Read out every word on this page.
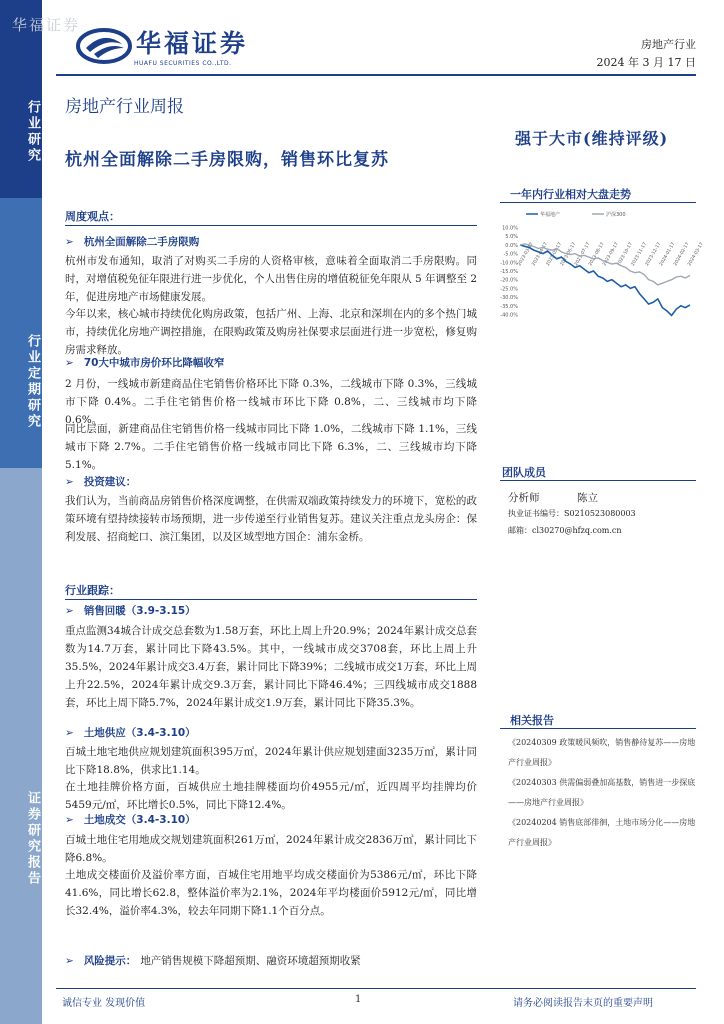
行业研究
行业定期研究
证券研究报告
华福证券
华福证券
HUAFU SECURITIES CO.,LTD.
房地产行业
2024 年 3 月 17 日
房地产行业周报
杭州全面解除二手房限购，销售环比复苏
强于大市(维持评级)
周度观点：
➢ 杭州全面解除二手房限购
杭州市发布通知，取消了对购买二手房的人资格审核，意味着全面取消二手房限购。同时，对增值税免征年限进行进一步优化，个人出售住房的增值税征免年限从 5 年调整至 2 年，促进房地产市场健康发展。
今年以来，核心城市持续优化购房政策，包括广州、上海、北京和深圳在内的多个热门城市，持续优化房地产调控措施，在限购政策及购房社保要求层面进行进一步宽松，修复购房需求释放。
➢ 70大中城市房价环比降幅收窄
2 月份，一线城市新建商品住宅销售价格环比下降 0.3%，二线城市下降 0.3%，三线城市下降 0.4%。二手住宅销售价格一线城市环比下降 0.8%，二、三线城市均下降 0.6%。
同比层面，新建商品住宅销售价格一线城市同比下降 1.0%，二线城市下降 1.1%，三线城市下降 2.7%。二手住宅销售价格一线城市同比下降 6.3%，二、三线城市均下降 5.1%。
➢ 投资建议：
我们认为，当前商品房销售价格深度调整，在供需双端政策持续发力的环境下，宽松的政策环境有望持续接转市场预期，进一步传递至行业销售复苏。建议关注重点龙头房企：保利发展、招商蛇口、滨江集团，以及区域型地方国企：浦东金桥。
行业跟踪：
➢ 销售回暖（3.9-3.15）
重点监测34城合计成交总套数为1.58万套，环比上周上升20.9%；2024年累计成交总套数为14.7万套，累计同比下降43.5%。其中，一线城市成交3708套，环比上周上升35.5%，2024年累计成交3.4万套，累计同比下降39%；二线城市成交1万套，环比上周上升22.5%，2024年累计成交9.3万套，累计同比下降46.4%；三四线城市成交1888套，环比上周下降5.7%，2024年累计成交1.9万套，累计同比下降35.3%。
➢ 土地供应（3.4-3.10）
百城土地宅地供应规划建筑面积395万㎡，2024年累计供应规划建面3235万㎡，累计同比下降18.8%，供求比1.14。
在土地挂牌价格方面，百城供应土地挂牌楼面均价4955元/㎡，近四周平均挂牌均价5459元/㎡，环比增长0.5%，同比下降12.4%。
➢ 土地成交（3.4-3.10）
百城土地住宅用地成交规划建筑面积261万㎡，2024年累计成交2836万㎡，累计同比下降6.8%。
土地成交楼面价及溢价率方面，百城住宅用地平均成交楼面价为5386元/㎡，环比下降41.6%，同比增长62.8，整体溢价率为2.1%，2024年平均楼面价5912元/㎡，同比增长32.4%，溢价率4.3%，较去年同期下降1.1个百分点。
➢ 风险提示： 地产销售规模下降超预期、融资环境超预期收紧
一年内行业相对大盘走势
10.0%
5.0%
0.0%
-5.0%
-10.0%
-15.0%
-20.0%
-25.0%
-30.0%
-35.0%
-40.0%
2023-03-17
2023-04-17
2023-05-17
2023-06-17
2023-07-17
2023-08-17
2023-09-17
2023-10-17
2023-11-17
2023-12-17
2024-01-17
2024-02-17
2024-03-17
华福地产	沪深300
团队成员
分析师	陈立
执业证书编号：S0210523080003
邮箱：cl30270@hfzq.com.cn
相关报告
《20240309 政策暖风频吹，销售静待复苏——房地产行业周报》
《20240303 供需偏弱叠加高基数，销售进一步探底——房地产行业周报》
《20240204 销售底部徘徊，土地市场分化——房地产行业周报》
诚信专业 发现价值	1	请务必阅读报告末页的重要声明
